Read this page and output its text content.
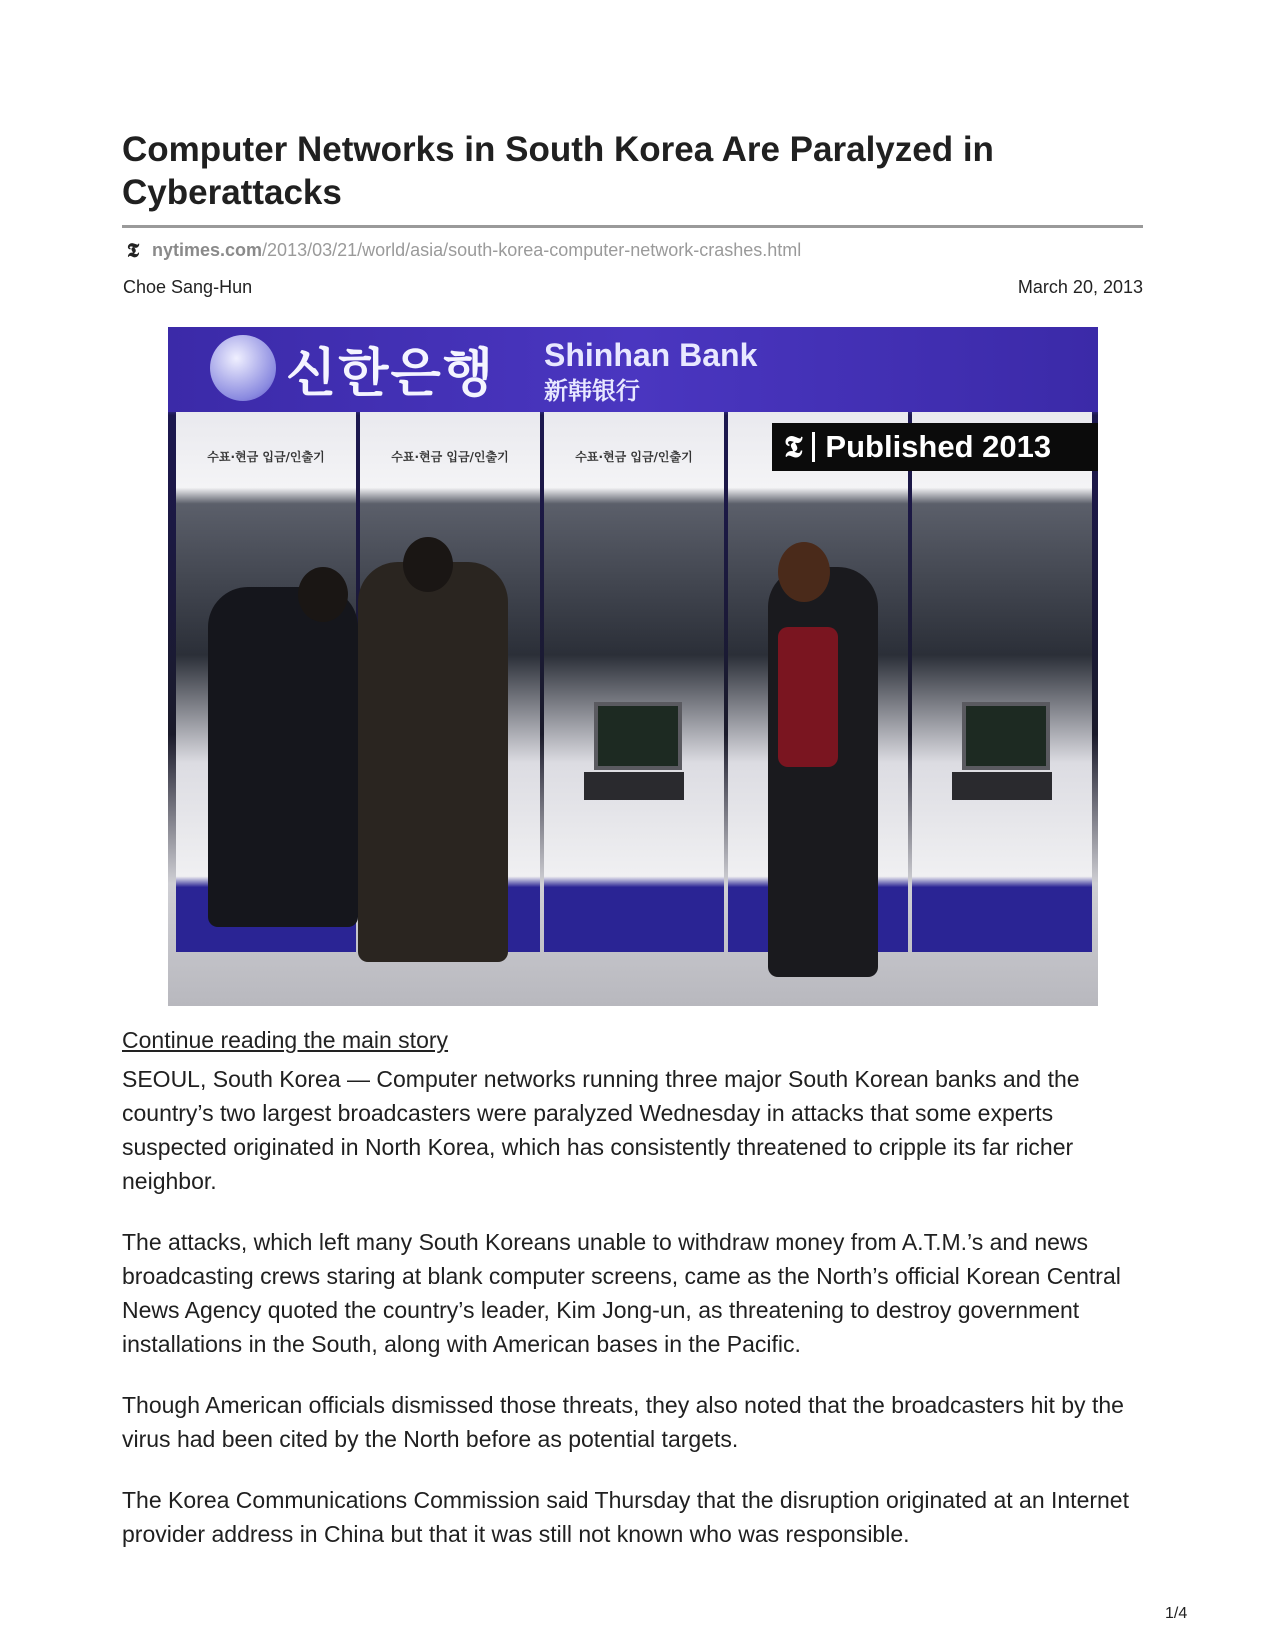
Computer Networks in South Korea Are Paralyzed in Cyberattacks
𝕿 nytimes.com /2013/03/21/world/asia/south-korea-computer-network-crashes.html
Choe Sang-Hun	March 20, 2013
신한은행 Shinhan Bank
新韩银行
수표·현금 입금/인출기	수표·현금 입금/인출기	수표·현금 입금/인출기	𝕿 Published 2013
Continue reading the main story

SEOUL, South Korea — Computer networks running three major South Korean banks and the country’s two largest broadcasters were paralyzed Wednesday in attacks that some experts suspected originated in North Korea, which has consistently threatened to cripple its far richer neighbor.

The attacks, which left many South Koreans unable to withdraw money from A.T.M.’s and news broadcasting crews staring at blank computer screens, came as the North’s official Korean Central News Agency quoted the country’s leader, Kim Jong-un, as threatening to destroy government installations in the South, along with American bases in the Pacific.

Though American officials dismissed those threats, they also noted that the broadcasters hit by the virus had been cited by the North before as potential targets.

The Korea Communications Commission said Thursday that the disruption originated at an Internet provider address in China but that it was still not known who was responsible.

1/4
